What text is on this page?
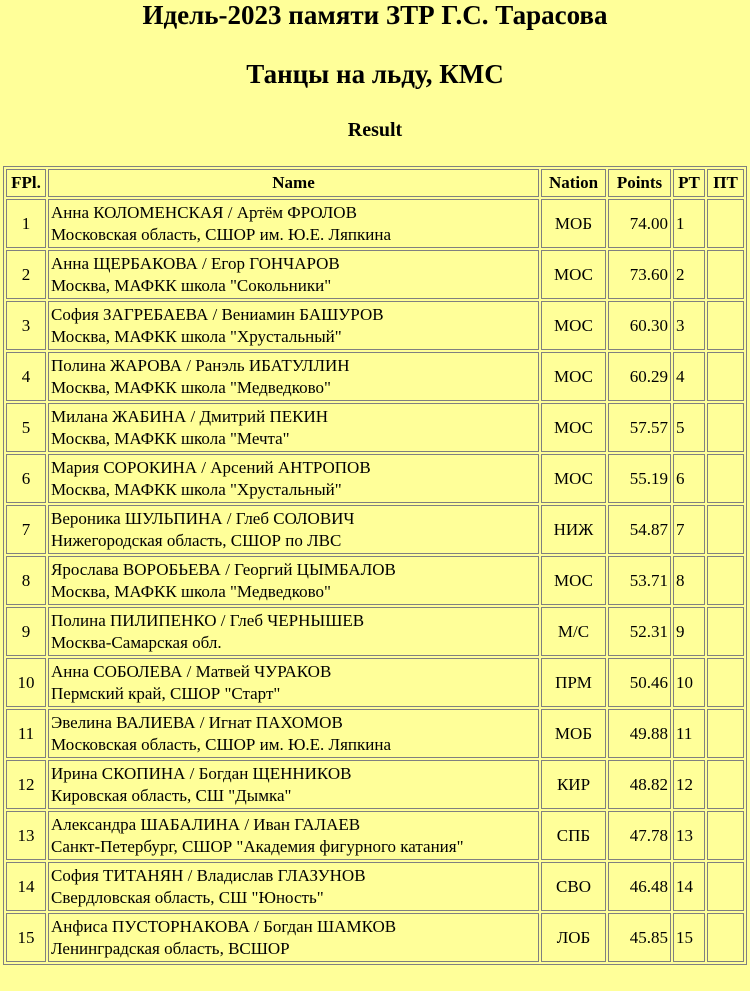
Идель-2023 памяти ЗТР Г.С. Тарасова
Танцы на льду, КМС
Result
FPl.	Name	Nation	Points	PT	ПТ
1	Анна КОЛОМЕНСКАЯ / Артём ФРОЛОВ
Московская область, СШОР им. Ю.Е. Ляпкина	МОБ	74.00	1	
2	Анна ЩЕРБАКОВА / Егор ГОНЧАРОВ
Москва, МАФКК школа "Сокольники"	МОС	73.60	2	
3	София ЗАГРЕБАЕВА / Вениамин БАШУРОВ
Москва, МАФКК школа "Хрустальный"	МОС	60.30	3	
4	Полина ЖАРОВА / Ранэль ИБАТУЛЛИН
Москва, МАФКК школа "Медведково"	МОС	60.29	4	
5	Милана ЖАБИНА / Дмитрий ПЕКИН
Москва, МАФКК школа "Мечта"	МОС	57.57	5	
6	Мария СОРОКИНА / Арсений АНТРОПОВ
Москва, МАФКК школа "Хрустальный"	МОС	55.19	6	
7	Вероника ШУЛЬПИНА / Глеб СОЛОВИЧ
Нижегородская область, СШОР по ЛВС	НИЖ	54.87	7	
8	Ярослава ВОРОБЬЕВА / Георгий ЦЫМБАЛОВ
Москва, МАФКК школа "Медведково"	МОС	53.71	8	
9	Полина ПИЛИПЕНКО / Глеб ЧЕРНЫШЕВ
Москва-Самарская обл.	М/С	52.31	9	
10	Анна СОБОЛЕВА / Матвей ЧУРАКОВ
Пермский край, СШОР "Старт"	ПРМ	50.46	10	
11	Эвелина ВАЛИЕВА / Игнат ПАХОМОВ
Московская область, СШОР им. Ю.Е. Ляпкина	МОБ	49.88	11	
12	Ирина СКОПИНА / Богдан ЩЕННИКОВ
Кировская область, СШ "Дымка"	КИР	48.82	12	
13	Александра ШАБАЛИНА / Иван ГАЛАЕВ
Санкт-Петербург, СШОР "Академия фигурного катания"	СПБ	47.78	13	
14	София ТИТАНЯН / Владислав ГЛАЗУНОВ
Свердловская область, СШ "Юность"	СВО	46.48	14	
15	Анфиса ПУСТОРНАКОВА / Богдан ШАМКОВ
Ленинградская область, ВСШОР	ЛОБ	45.85	15	
